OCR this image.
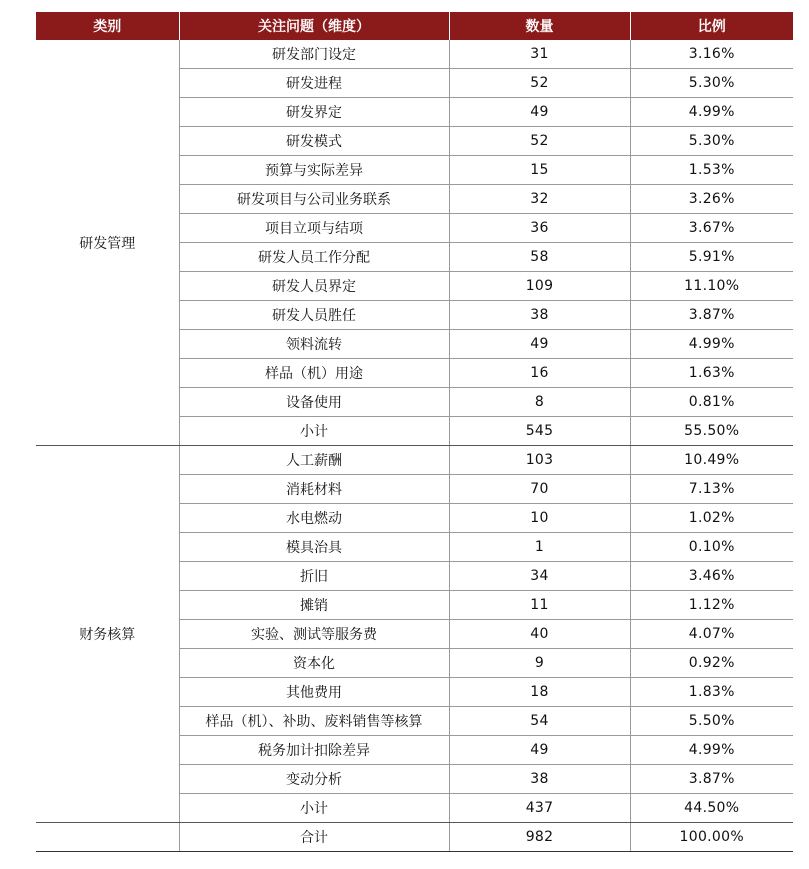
类别	关注问题（维度）	数量	比例
研发管理	研发部门设定	31	3.16%
	研发进程	52	5.30%
	研发界定	49	4.99%
	研发模式	52	5.30%
	预算与实际差异	15	1.53%
	研发项目与公司业务联系	32	3.26%
	项目立项与结项	36	3.67%
	研发人员工作分配	58	5.91%
	研发人员界定	109	11.10%
	研发人员胜任	38	3.87%
	领料流转	49	4.99%
	样品（机）用途	16	1.63%
	设备使用	8	0.81%
	小计	545	55.50%
财务核算	人工薪酬	103	10.49%
	消耗材料	70	7.13%
	水电燃动	10	1.02%
	模具治具	1	0.10%
	折旧	34	3.46%
	摊销	11	1.12%
	实验、测试等服务费	40	4.07%
	资本化	9	0.92%
	其他费用	18	1.83%
	样品（机）、补助、废料销售等核算	54	5.50%
	税务加计扣除差异	49	4.99%
	变动分析	38	3.87%
	小计	437	44.50%
	合计	982	100.00%
